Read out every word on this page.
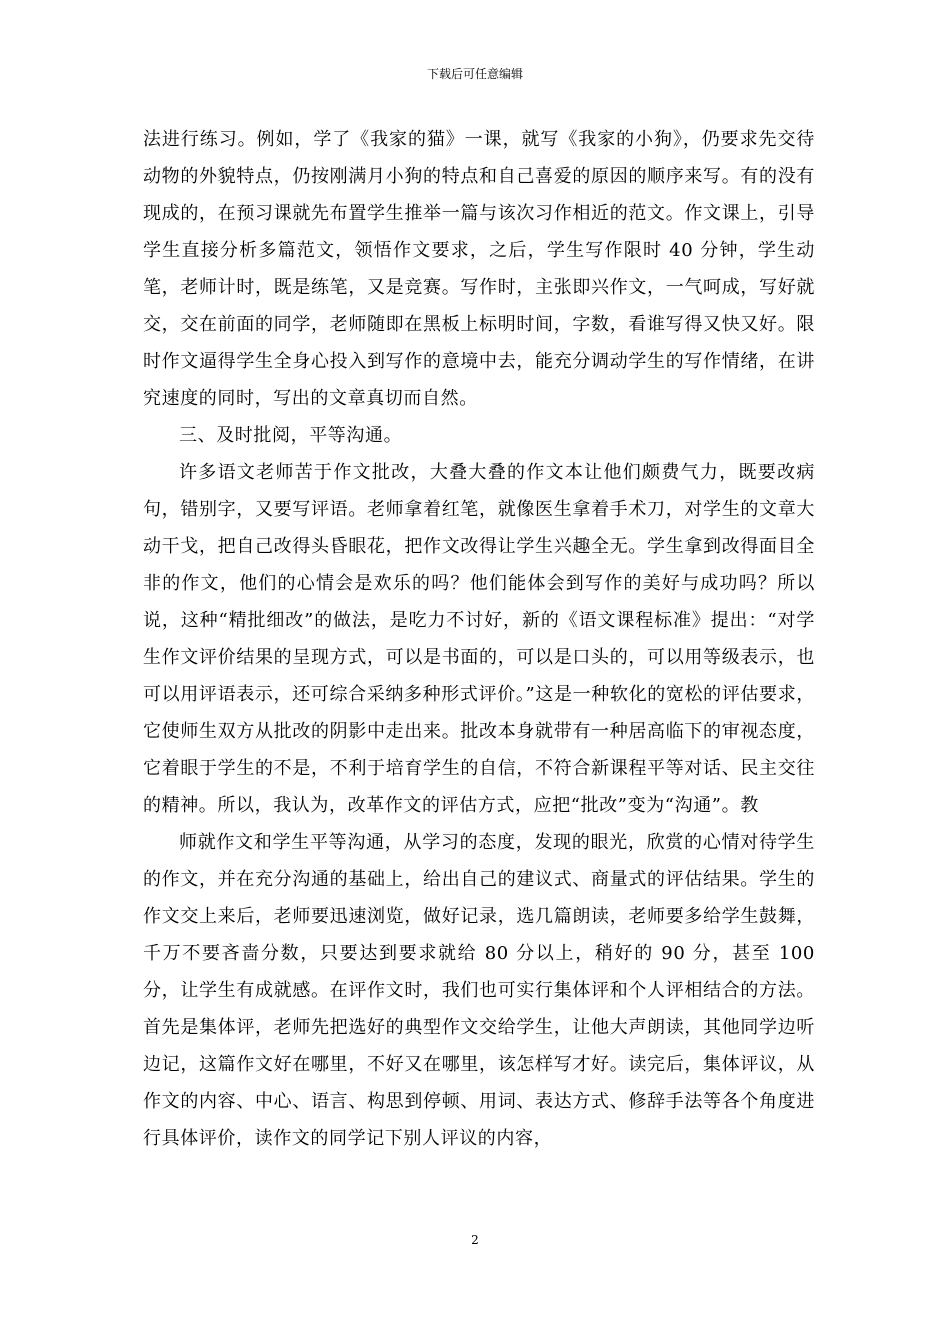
下载后可任意编辑

法进行练习。例如，学了《我家的猫》一课，就写《我家的小狗》，仍要求先交待动物的外貌特点，仍按刚满月小狗的特点和自己喜爱的原因的顺序来写。有的没有现成的，在预习课就先布置学生推举一篇与该次习作相近的范文。作文课上，引导学生直接分析多篇范文，领悟作文要求，之后，学生写作限时 40 分钟，学生动笔，老师计时，既是练笔，又是竞赛。写作时，主张即兴作文，一气呵成，写好就交，交在前面的同学，老师随即在黑板上标明时间，字数，看谁写得又快又好。限时作文逼得学生全身心投入到写作的意境中去，能充分调动学生的写作情绪，在讲究速度的同时，写出的文章真切而自然。

三、及时批阅，平等沟通。

许多语文老师苦于作文批改，大叠大叠的作文本让他们颇费气力，既要改病句，错别字，又要写评语。老师拿着红笔，就像医生拿着手术刀，对学生的文章大动干戈，把自己改得头昏眼花，把作文改得让学生兴趣全无。学生拿到改得面目全非的作文，他们的心情会是欢乐的吗？他们能体会到写作的美好与成功吗？所以说，这种“精批细改”的做法，是吃力不讨好，新的《语文课程标准》提出：“对学生作文评价结果的呈现方式，可以是书面的，可以是口头的，可以用等级表示，也可以用评语表示，还可综合采纳多种形式评价。”这是一种软化的宽松的评估要求，它使师生双方从批改的阴影中走出来。批改本身就带有一种居高临下的审视态度，它着眼于学生的不是，不利于培育学生的自信，不符合新课程平等对话、民主交往的精神。所以，我认为，改革作文的评估方式，应把“批改”变为“沟通”。教

师就作文和学生平等沟通，从学习的态度，发现的眼光，欣赏的心情对待学生的作文，并在充分沟通的基础上，给出自己的建议式、商量式的评估结果。学生的作文交上来后，老师要迅速浏览，做好记录，选几篇朗读，老师要多给学生鼓舞，千万不要吝啬分数，只要达到要求就给 80 分以上，稍好的 90 分，甚至 100 分，让学生有成就感。在评作文时，我们也可实行集体评和个人评相结合的方法。首先是集体评，老师先把选好的典型作文交给学生，让他大声朗读，其他同学边听边记，这篇作文好在哪里，不好又在哪里，该怎样写才好。读完后，集体评议，从作文的内容、中心、语言、构思到停顿、用词、表达方式、修辞手法等各个角度进行具体评价，读作文的同学记下别人评议的内容，

2
